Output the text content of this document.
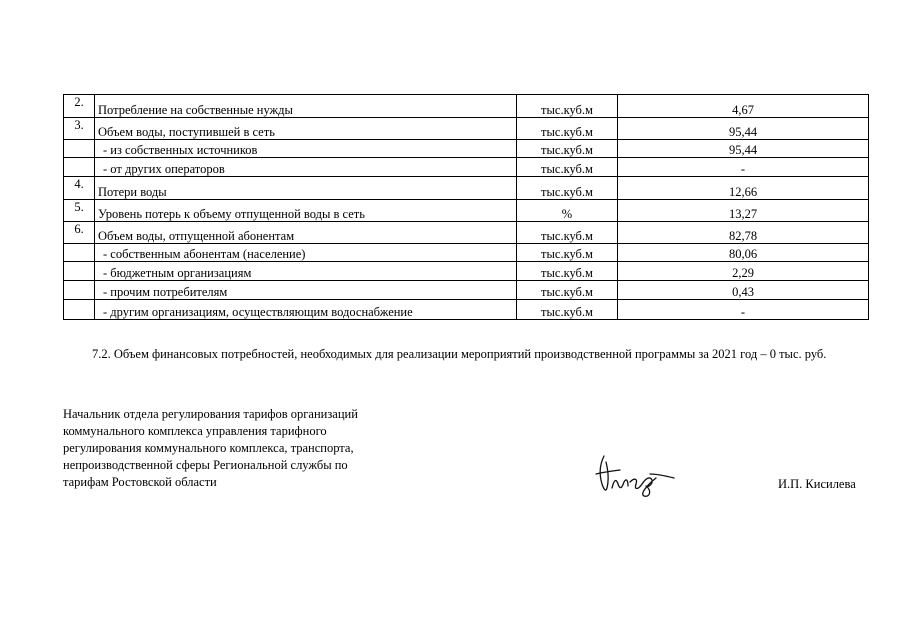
2.	Потребление на собственные нужды	тыс.куб.м	4,67
3.	Объем воды, поступившей в сеть	тыс.куб.м	95,44
	- из собственных источников	тыс.куб.м	95,44
	- от других операторов	тыс.куб.м	-
4.	Потери воды	тыс.куб.м	12,66
5.	Уровень потерь к объему отпущенной воды в сеть	%	13,27
6.	Объем воды, отпущенной абонентам	тыс.куб.м	82,78
	- собственным абонентам (население)	тыс.куб.м	80,06
	- бюджетным организациям	тыс.куб.м	2,29
	- прочим потребителям	тыс.куб.м	0,43
	- другим организациям, осуществляющим водоснабжение	тыс.куб.м	-
7.2. Объем финансовых потребностей, необходимых для реализации мероприятий производственной программы за 2021 год – 0 тыс. руб.
Начальник отдела регулирования тарифов организаций
коммунального комплекса управления тарифного
регулирования коммунального комплекса, транспорта,
непроизводственной сферы Региональной службы по
тарифам Ростовской области	И.П. Кисилева
